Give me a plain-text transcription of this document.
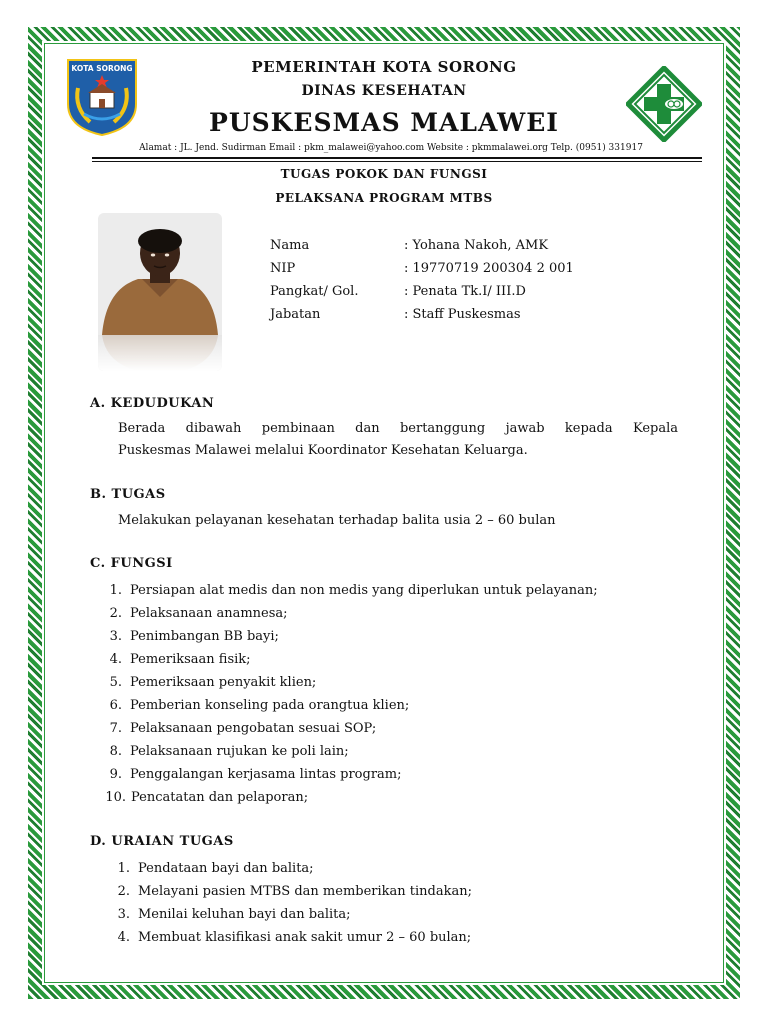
KOTA SORONG	PEMERINTAH KOTA SORONG
DINAS KESEHATAN
PUSKESMAS MALAWEI
Alamat : JL. Jend. Sudirman Email : pkm_malawei@yahoo.com Website : pkmmalawei.org Telp. (0951) 331917
TUGAS POKOK DAN FUNGSI
PELAKSANA PROGRAM MTBS
Nama	: Yohana Nakoh, AMK
NIP	: 19770719 200304 2 001
Pangkat/ Gol.	: Penata Tk.I/ III.D
Jabatan	: Staff Puskesmas
A. KEDUDUKAN
Berada dibawah pembinaan dan bertanggung jawab kepada Kepala
Puskesmas Malawei melalui Koordinator Kesehatan Keluarga.
B. TUGAS
Melakukan pelayanan kesehatan terhadap balita usia 2 – 60 bulan
C. FUNGSI
1. Persiapan alat medis dan non medis yang diperlukan untuk pelayanan;
2. Pelaksanaan anamnesa;
3. Penimbangan BB bayi;
4. Pemeriksaan fisik;
5. Pemeriksaan penyakit klien;
6. Pemberian konseling pada orangtua klien;
7. Pelaksanaan pengobatan sesuai SOP;
8. Pelaksanaan rujukan ke poli lain;
9. Penggalangan kerjasama lintas program;
10. Pencatatan dan pelaporan;
D. URAIAN TUGAS
1. Pendataan bayi dan balita;
2. Melayani pasien MTBS dan memberikan tindakan;
3. Menilai keluhan bayi dan balita;
4. Membuat klasifikasi anak sakit umur 2 – 60 bulan;
